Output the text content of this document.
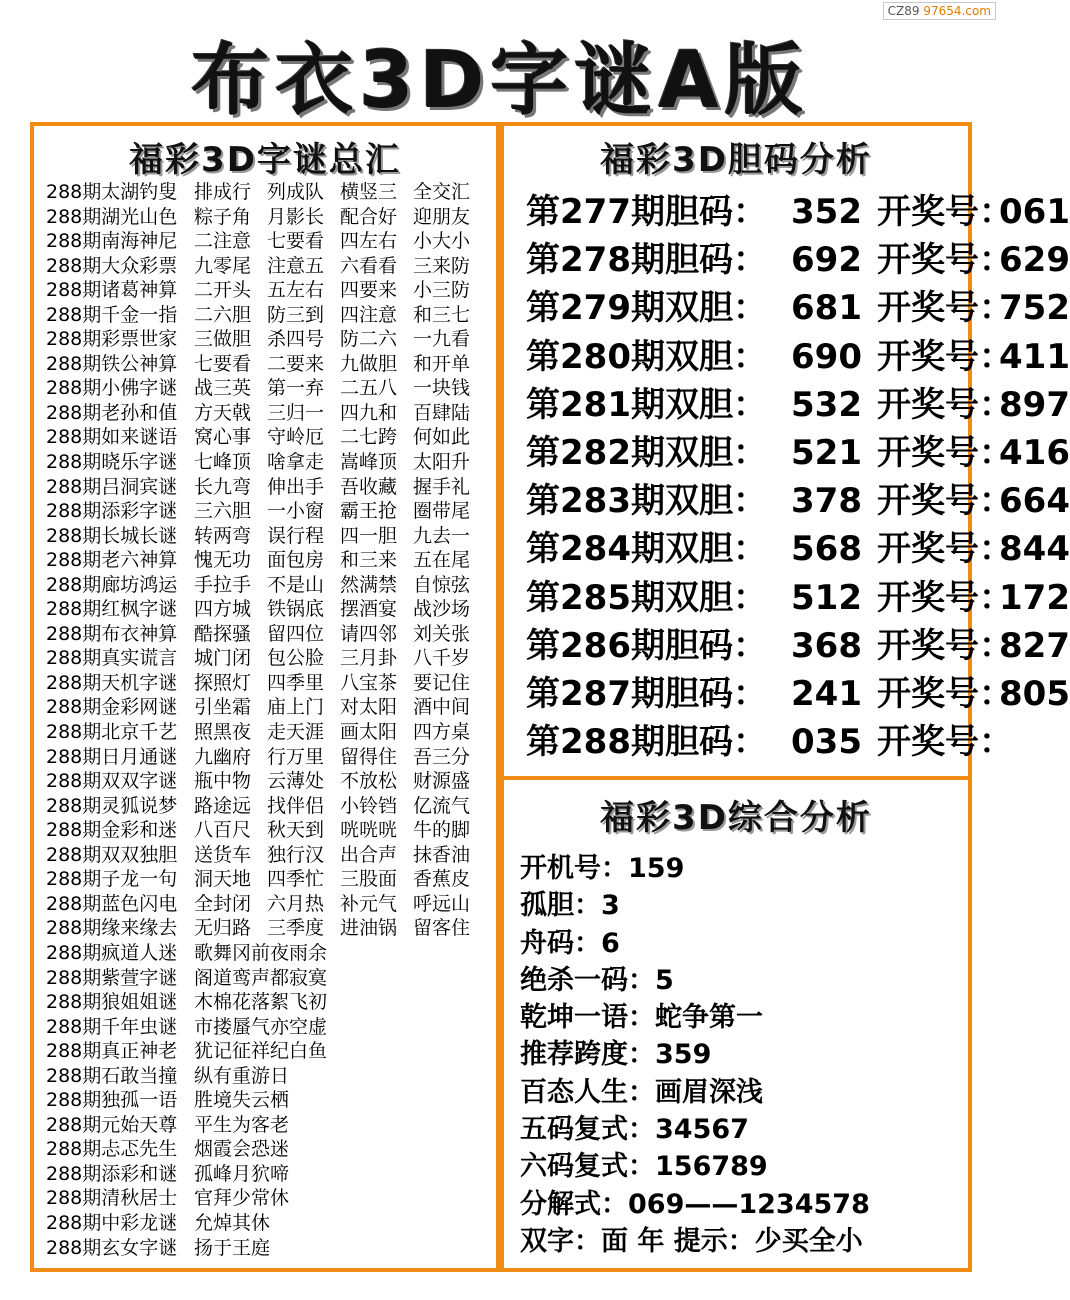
CZ89 97654.com
布衣3D字谜A版
福彩3D字谜总汇
288期太湖钓叟 排成行 列成队 横竖三 全交汇
288期湖光山色 粽子角 月影长 配合好 迎朋友
288期南海神尼 二注意 七要看 四左右 小大小
288期大众彩票 九零尾 注意五 六看看 三来防
288期诸葛神算 二开头 五左右 四要来 小三防
288期千金一指 二六胆 防三到 四注意 和三七
288期彩票世家 三做胆 杀四号 防二六 一九看
288期铁公神算 七要看 二要来 九做胆 和开单
288期小佛字谜 战三英 第一弃 二五八 一块钱
288期老孙和值 方天戟 三归一 四九和 百肆陆
288期如来谜语 窝心事 守岭厄 二七跨 何如此
288期晓乐字谜 七峰顶 啥拿走 嵩峰顶 太阳升
288期吕洞宾谜 长九弯 伸出手 吾收藏 握手礼
288期添彩字谜 三六胆 一小窗 霸王抢 圈带尾
288期长城长谜 转两弯 误行程 四一胆 九去一
288期老六神算 愧无功 面包房 和三来 五在尾
288期廊坊鸿运 手拉手 不是山 然满禁 自惊弦
288期红枫字谜 四方城 铁锅底 摆酒宴 战沙场
288期布衣神算 酷探骚 留四位 请四邻 刘关张
288期真实谎言 城门闭 包公脸 三月卦 八千岁
288期天机字谜 探照灯 四季里 八宝茶 要记住
288期金彩网谜 引坐霜 庙上门 对太阳 酒中间
288期北京千艺 照黑夜 走天涯 画太阳 四方桌
288期日月通谜 九幽府 行万里 留得住 吾三分
288期双双字谜 瓶中物 云薄处 不放松 财源盛
288期灵狐说梦 路途远 找伴侣 小铃铛 亿流气
288期金彩和迷 八百尺 秋天到 咣咣咣 牛的脚
288期双双独胆 送货车 独行汉 出合声 抹香油
288期子龙一句 洞天地 四季忙 三股面 香蕉皮
288期蓝色闪电 全封闭 六月热 补元气 呼远山
288期缘来缘去 无归路 三季度 进油锅 留客住
288期疯道人迷 歌舞冈前夜雨余
288期紫萱字谜 阁道鸾声都寂寞
288期狼姐姐谜 木棉花落絮飞初
288期千年虫谜 市搂蜃气亦空虚
288期真正神老 犹记征祥纪白鱼
288期石敢当撞 纵有重游日
288期独孤一语 胜境失云栖
288期元始天尊 平生为客老
288期忐忑先生 烟霞会恐迷
288期添彩和谜 孤峰月狖啼
288期清秋居士 官拜少常休
288期中彩龙谜 允焯其休
288期玄女字谜 扬于王庭
福彩3D胆码分析
第277期胆码： 352 开奖号：061
第278期胆码： 692 开奖号：629
第279期双胆： 681 开奖号：752
第280期双胆： 690 开奖号：411
第281期双胆： 532 开奖号：897
第282期双胆： 521 开奖号：416
第283期双胆： 378 开奖号：664
第284期双胆： 568 开奖号：844
第285期双胆： 512 开奖号：172
第286期胆码： 368 开奖号：827
第287期胆码： 241 开奖号：805
第288期胆码： 035 开奖号：
福彩3D综合分析
开机号：159
孤胆：3
舟码：6
绝杀一码：5
乾坤一语：蛇争第一
推荐跨度：359
百态人生：画眉深浅
五码复式：34567
六码复式：156789
分解式：069——1234578
双字：面 年 提示：少买全小
